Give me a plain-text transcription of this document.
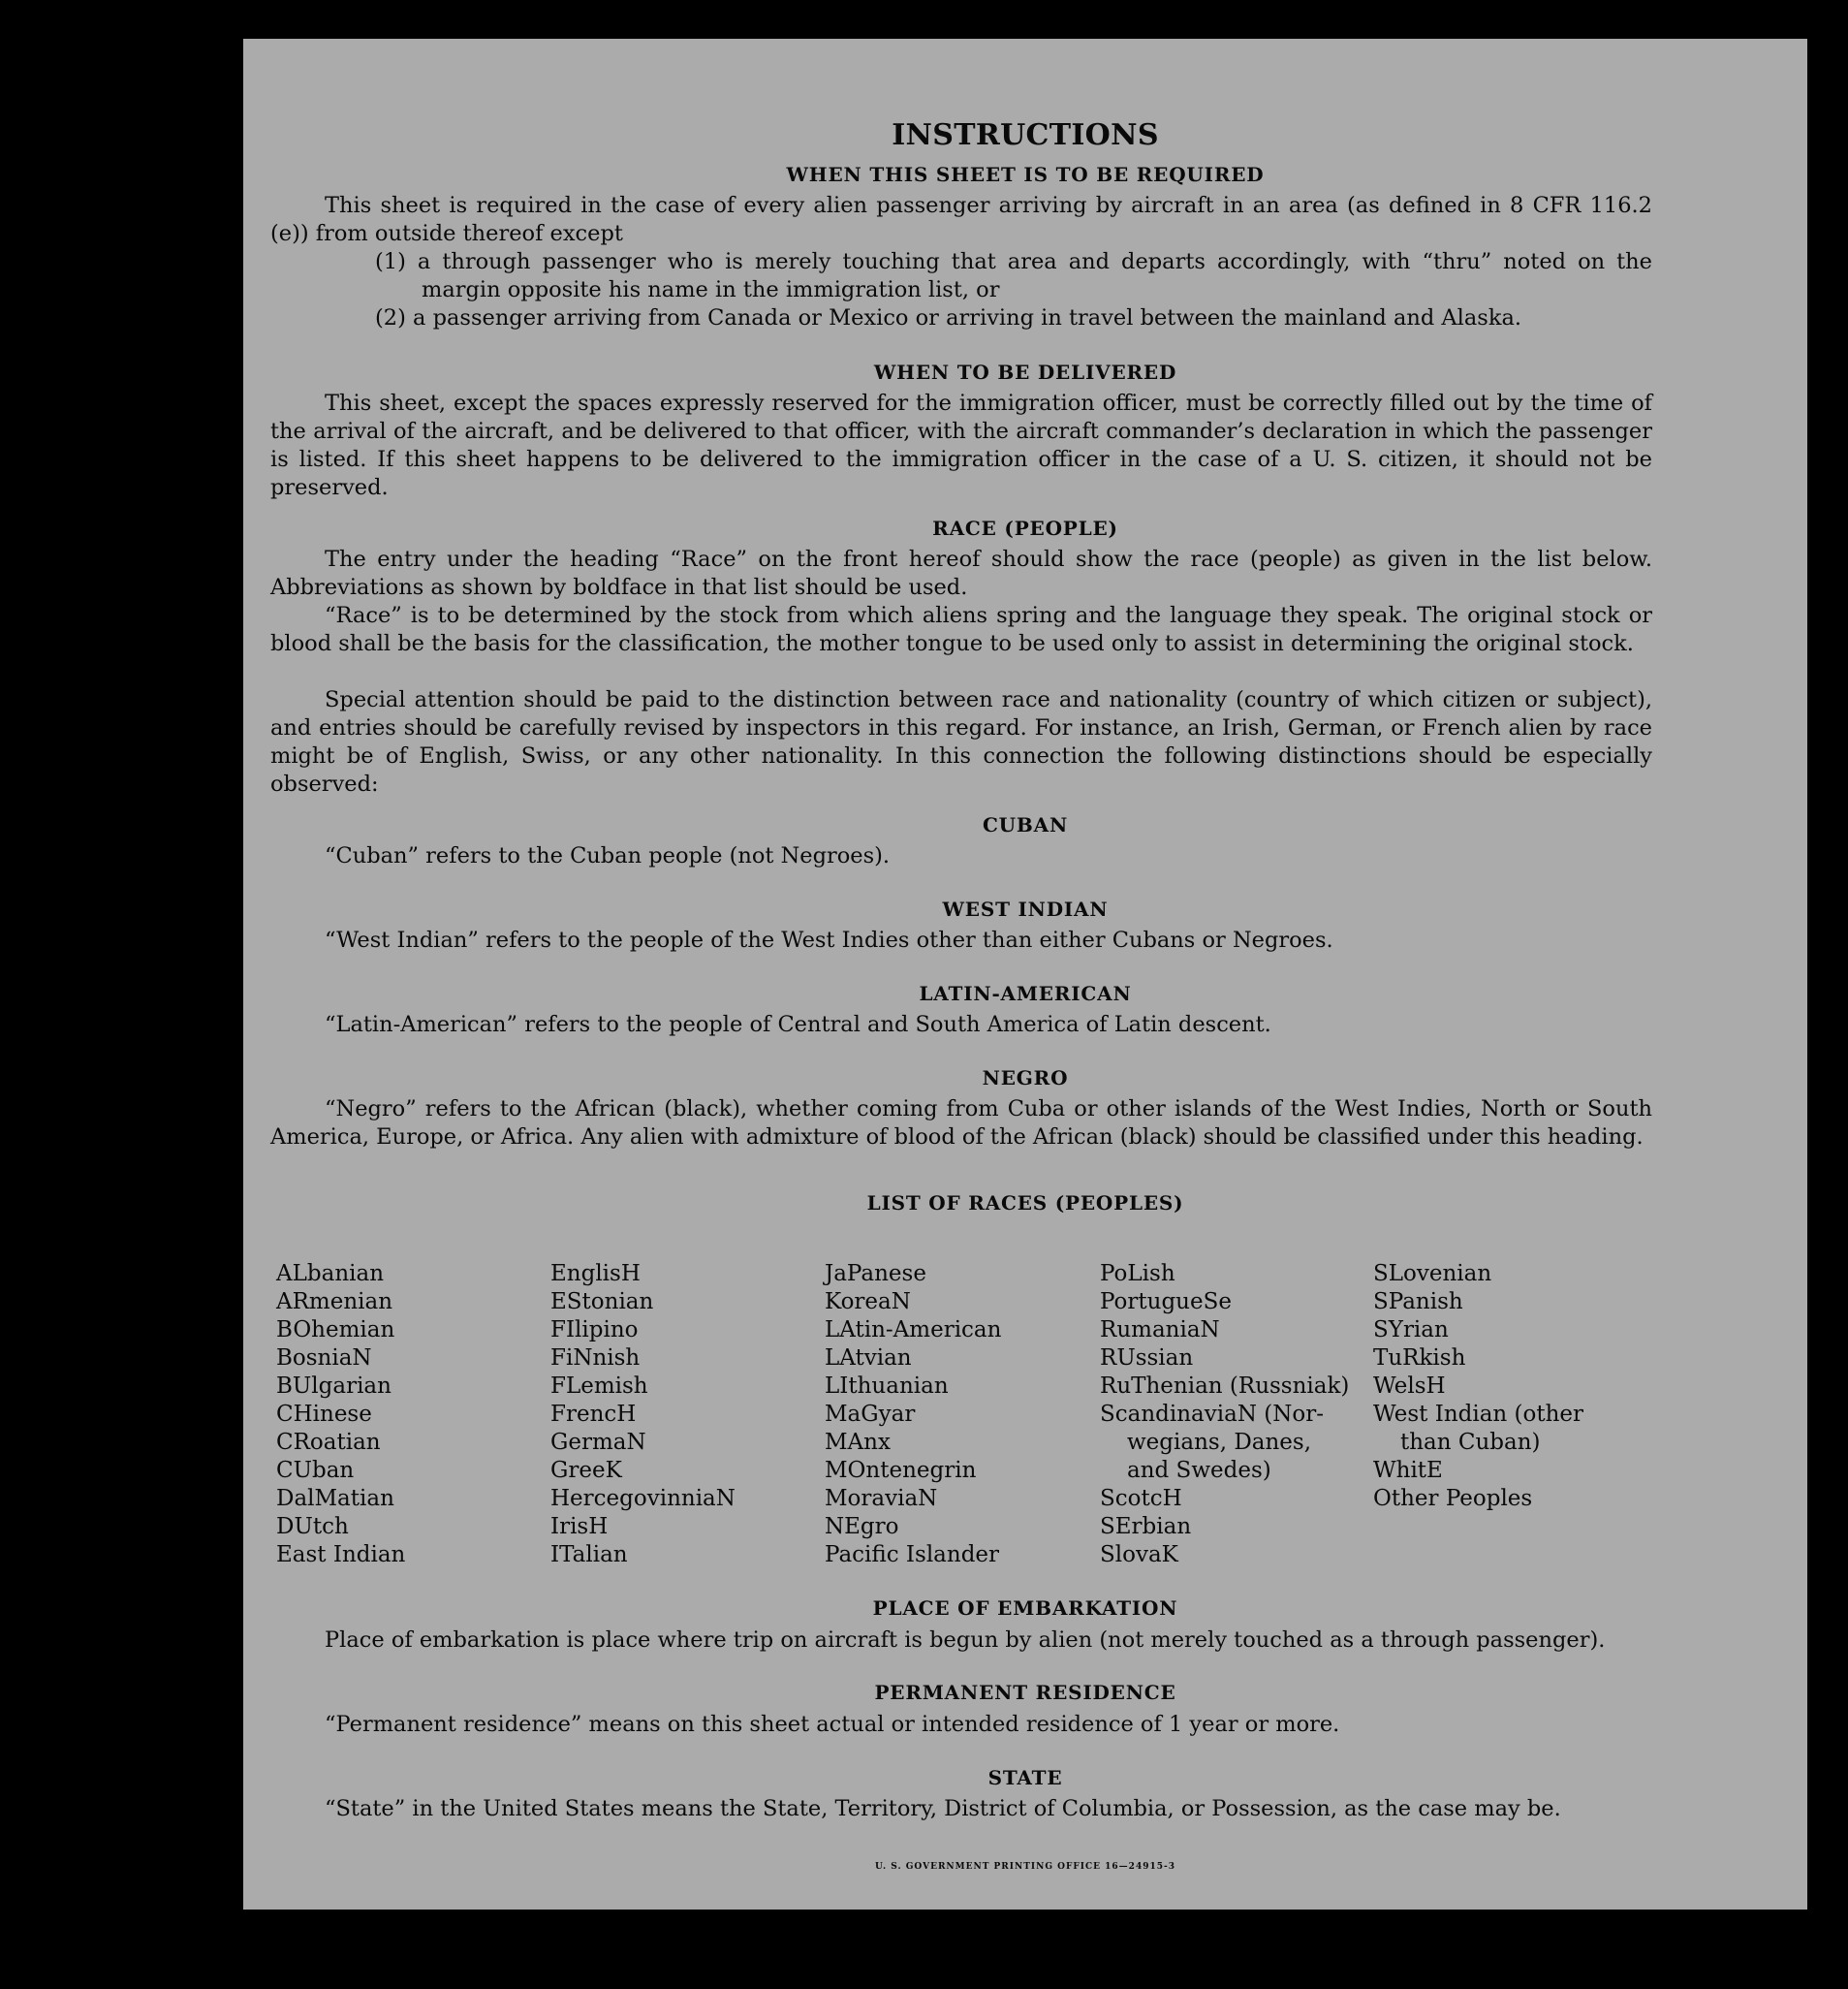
INSTRUCTIONS
WHEN THIS SHEET IS TO BE REQUIRED

This sheet is required in the case of every alien passenger arriving by aircraft in an area (as defined in 8 CFR 116.2 (e)) from outside thereof except

(1) a through passenger who is merely touching that area and departs accordingly, with “thru” noted on the margin opposite his name in the immigration list, or

(2) a passenger arriving from Canada or Mexico or arriving in travel between the mainland and Alaska.

WHEN TO BE DELIVERED

This sheet, except the spaces expressly reserved for the immigration officer, must be correctly filled out by the time of the arrival of the aircraft, and be delivered to that officer, with the aircraft commander’s declaration in which the passenger is listed. If this sheet happens to be delivered to the immigration officer in the case of a U. S. citizen, it should not be preserved.

RACE (PEOPLE)

The entry under the heading “Race” on the front hereof should show the race (people) as given in the list below. Abbreviations as shown by boldface in that list should be used.

“Race” is to be determined by the stock from which aliens spring and the language they speak. The original stock or blood shall be the basis for the classification, the mother tongue to be used only to assist in determining the original stock.

Special attention should be paid to the distinction between race and nationality (country of which citizen or subject), and entries should be carefully revised by inspectors in this regard. For instance, an Irish, German, or French alien by race might be of English, Swiss, or any other nationality. In this connection the following distinctions should be especially observed:

CUBAN

“Cuban” refers to the Cuban people (not Negroes).

WEST INDIAN

“West Indian” refers to the people of the West Indies other than either Cubans or Negroes.

LATIN-AMERICAN

“Latin-American” refers to the people of Central and South America of Latin descent.

NEGRO

“Negro” refers to the African (black), whether coming from Cuba or other islands of the West Indies, North or South America, Europe, or Africa. Any alien with admixture of blood of the African (black) should be classified under this heading.

LIST OF RACES (PEOPLES)
ALbanian
ARmenian
BOhemian
BosniaN
BUlgarian
CHinese
CRoatian
CUban
DalMatian
DUtch
East Indian
EnglisH
EStonian
FIlipino
FiNnish
FLemish
FrencH
GermaN
GreeK
HercegovinniaN
IrisH
ITalian
JaPanese
KoreaN
LAtin-American
LAtvian
LIthuanian
MaGyar
MAnx
MOntenegrin
MoraviaN
NEgro
Pacific Islander
PoLish
PortugueSe
RumaniaN
RUssian
RuThenian (Russniak)
ScandinaviaN (Nor-
wegians, Danes,
and Swedes)
ScotcH
SErbian
SlovaK
SLovenian
SPanish
SYrian
TuRkish
WelsH
West Indian (other
than Cuban)
WhitE
Other Peoples
PLACE OF EMBARKATION

Place of embarkation is place where trip on aircraft is begun by alien (not merely touched as a through passenger).

PERMANENT RESIDENCE

“Permanent residence” means on this sheet actual or intended residence of 1 year or more.

STATE

“State” in the United States means the State, Territory, District of Columbia, or Possession, as the case may be.

U. S. GOVERNMENT PRINTING OFFICE 16—24915-3
